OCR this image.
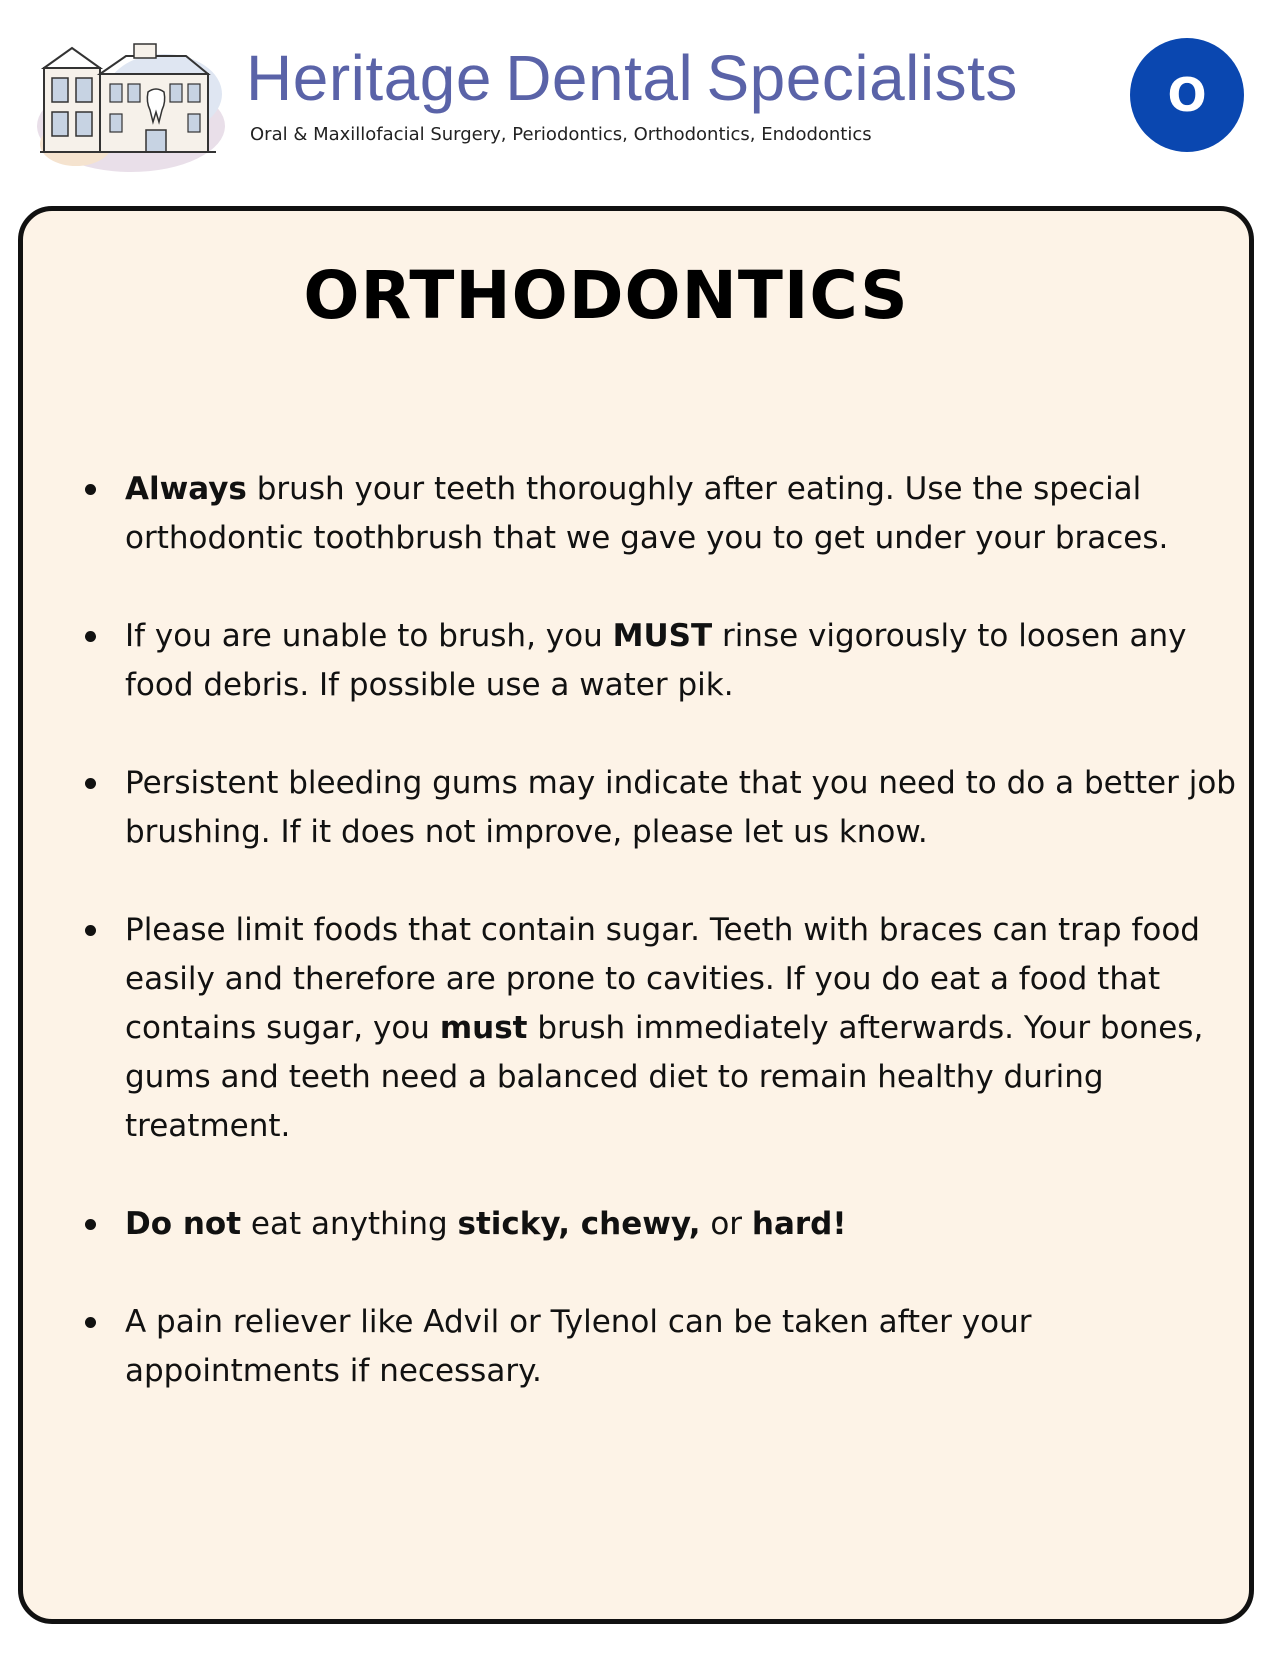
Heritage Dental Specialists
Oral & Maxillofacial Surgery, Periodontics, Orthodontics, Endodontics
O
ORTHODONTICS
Always brush your teeth thoroughly after eating. Use the special orthodontic toothbrush that we gave you to get under your braces.
If you are unable to brush, you MUST rinse vigorously to loosen any food debris. If possible use a water pik.
Persistent bleeding gums may indicate that you need to do a better job brushing. If it does not improve, please let us know.
Please limit foods that contain sugar. Teeth with braces can trap food easily and therefore are prone to cavities. If you do eat a food that contains sugar, you must brush immediately afterwards. Your bones, gums and teeth need a balanced diet to remain healthy during treatment.
Do not eat anything sticky, chewy, or hard!
A pain reliever like Advil or Tylenol can be taken after your appointments if necessary.
